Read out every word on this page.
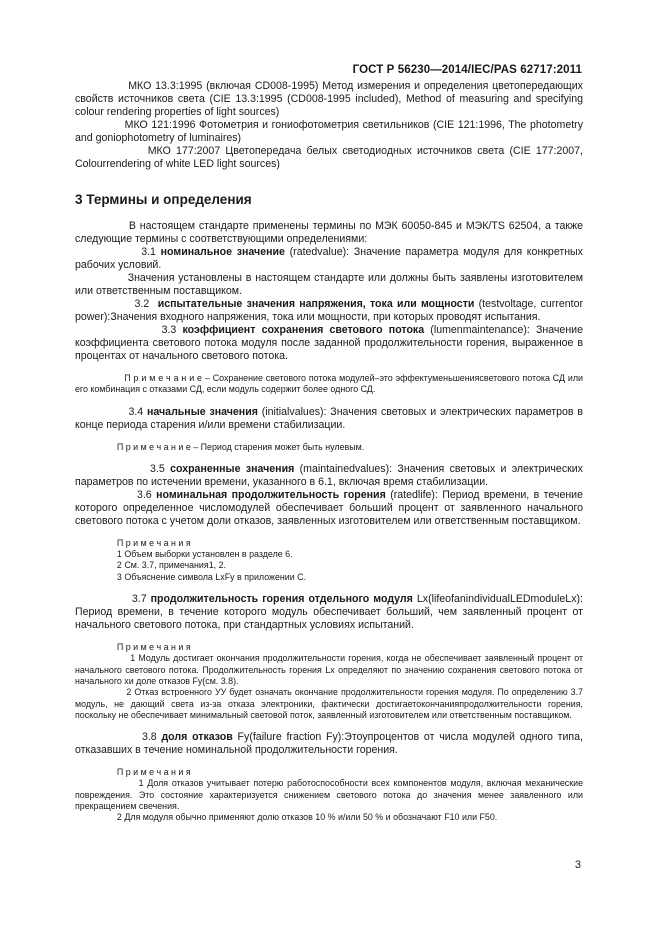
ГОСТ Р 56230—2014/IEC/PAS 62717:2011

МКО 13.3:1995 (включая CD008-1995) Метод измерения и определения цветопередающих свойств источников света (CIE 13.3:1995 (CD008-1995 included), Method of measuring and specifying colour rendering properties of light sources)

МКО 121:1996 Фотометрия и гониофотометрия светильников (CIE 121:1996, The photometry and goniophotometry of luminaires)

МКО 177:2007 Цветопередача белых светодиодных источников света (CIE 177:2007, Colourrendering of white LED light sources)

3 Термины и определения

В настоящем стандарте применены термины по МЭК 60050-845 и МЭК/TS 62504, а также следующие термины с соответствующими определениями:

3.1 номинальное значение (ratedvalue): Значение параметра модуля для конкретных рабочих условий.

Значения установлены в настоящем стандарте или должны быть заявлены изготовителем или ответственным поставщиком.

3.2 испытательные значения напряжения, тока или мощности (testvoltage, currentor power):Значения входного напряжения, тока или мощности, при которых проводят испытания.

3.3 коэффициент сохранения светового потока (lumenmaintenance): Значение коэффициента светового потока модуля после заданной продолжительности горения, выраженное в процентах от начального светового потока.

П р и м е ч а н и е – Сохранение светового потока модулей–это эффектуменьшениясветового потока СД или его комбинация с отказами СД, если модуль содержит более одного СД.

3.4 начальные значения (initialvalues): Значения световых и электрических параметров в конце периода старения и/или времени стабилизации.

П р и м е ч а н и е – Период старения может быть нулевым.

3.5 сохраненные значения (maintainedvalues): Значения световых и электрических параметров по истечении времени, указанного в 6.1, включая время стабилизации.

3.6 номинальная продолжительность горения (ratedlife): Период времени, в течение которого определенное числомодулей обеспечивает больший процент от заявленного начального светового потока с учетом доли отказов, заявленных изготовителем или ответственным поставщиком.

П р и м е ч а н и я

1 Объем выборки установлен в разделе 6.

2 См. 3.7, примечания1, 2.

3 Объяснение символа LxFy в приложении С.

3.7 продолжительность горения отдельного модуля Lx(lifeofanindividualLEDmoduleLx): Период времени, в течение которого модуль обеспечивает больший, чем заявленный процент от начального светового потока, при стандартных условиях испытаний.

П р и м е ч а н и я

1 Модуль достигает окончания продолжительности горения, когда не обеспечивает заявленный процент от начального светового потока. Продолжительность горения Lx определяют по значению сохранения светового потока от начального хи доле отказов Fy(см. 3.8).

2 Отказ встроенного УУ будет означать окончание продолжительности горения модуля. По определению 3.7 модуль, не дающий света из-за отказа электроники, фактически достигаетокончанияпродолжительности горения, поскольку не обеспечивает минимальный световой поток, заявленный изготовителем или ответственным поставщиком.

3.8 доля отказов Fy(failure fraction Fy):Этоупроцентов от числа модулей одного типа, отказавших в течение номинальной продолжительности горения.

П р и м е ч а н и я

1 Доля отказов учитывает потерю работоспособности всех компонентов модуля, включая механические повреждения. Это состояние характеризуется снижением светового потока до значения менее заявленного или прекращением свечения.

2 Для модуля обычно применяют долю отказов 10 % и/или 50 % и обозначают F10 или F50.

3
